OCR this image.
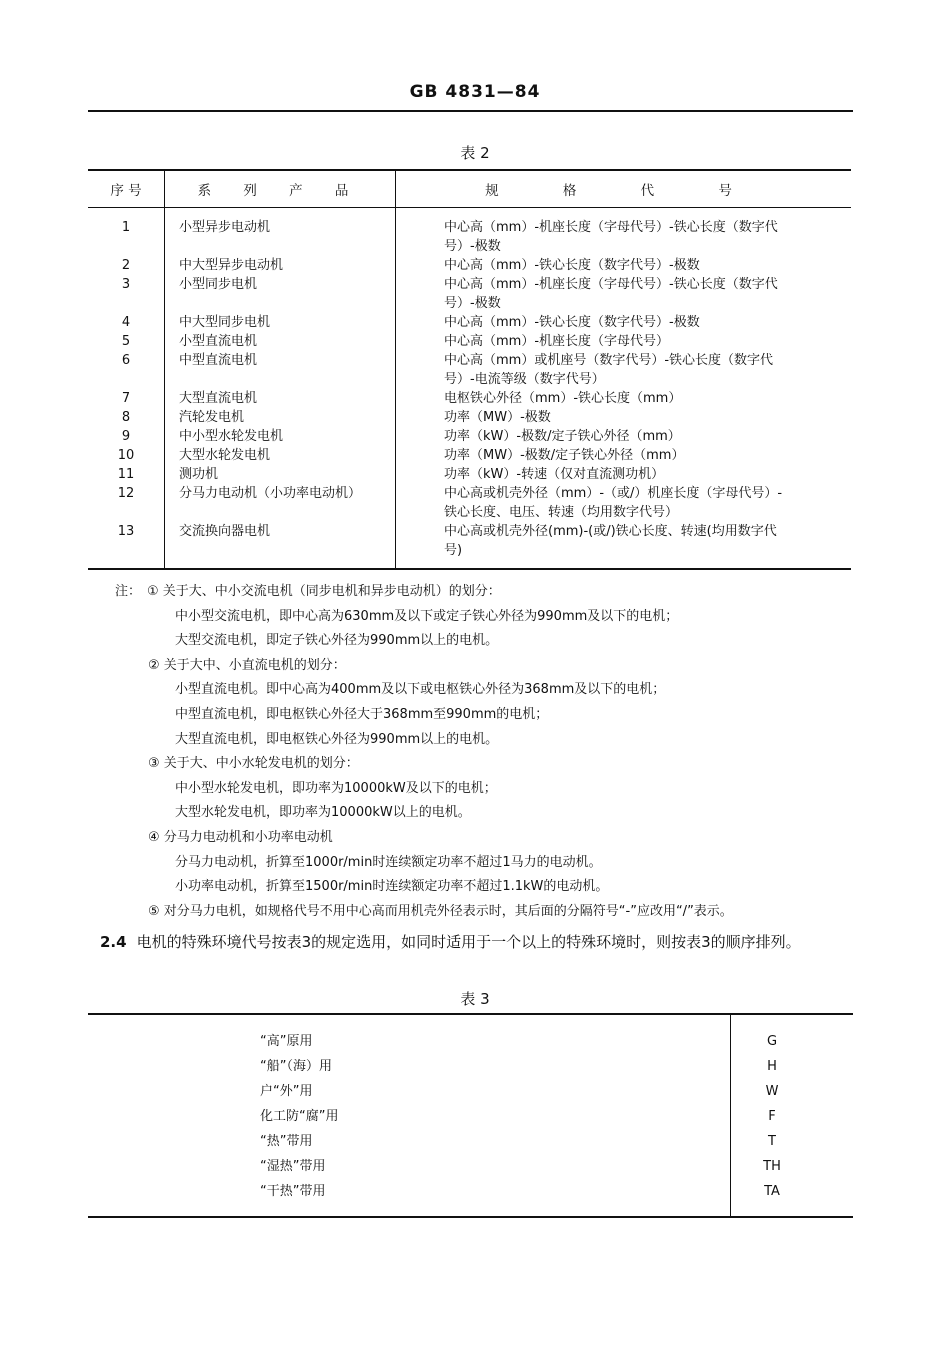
GB 4831—84
表 2
序 号	系 列 产 品	规 格 代 号
1	小型异步电动机	中心高（mm）-机座长度（字母代号）-铁心长度（数字代号）-极数
2	中大型异步电动机	中心高（mm）-铁心长度（数字代号）-极数
3	小型同步电机	中心高（mm）-机座长度（字母代号）-铁心长度（数字代号）-极数
4	中大型同步电机	中心高（mm）-铁心长度（数字代号）-极数
5	小型直流电机	中心高（mm）-机座长度（字母代号）
6	中型直流电机	中心高（mm）或机座号（数字代号）-铁心长度（数字代号）-电流等级（数字代号）
7	大型直流电机	电枢铁心外径（mm）-铁心长度（mm）
8	汽轮发电机	功率（MW）-极数
9	中小型水轮发电机	功率（kW）-极数/定子铁心外径（mm）
10	大型水轮发电机	功率（MW）-极数/定子铁心外径（mm）
11	测功机	功率（kW）-转速（仅对直流测功机）
12	分马力电动机（小功率电动机）	中心高或机壳外径（mm）-（或/）机座长度（字母代号）-铁心长度、电压、转速（均用数字代号）
13	交流换向器电机	中心高或机壳外径(mm)-(或/)铁心长度、转速(均用数字代号)
注： ① 关于大、中小交流电机（同步电机和异步电动机）的划分：
中小型交流电机，即中心高为630mm及以下或定子铁心外径为990mm及以下的电机；
大型交流电机，即定子铁心外径为990mm以上的电机。
② 关于大中、小直流电机的划分：
小型直流电机。即中心高为400mm及以下或电枢铁心外径为368mm及以下的电机；
中型直流电机，即电枢铁心外径大于368mm至990mm的电机；
大型直流电机，即电枢铁心外径为990mm以上的电机。
③ 关于大、中小水轮发电机的划分：
中小型水轮发电机，即功率为10000kW及以下的电机；
大型水轮发电机，即功率为10000kW以上的电机。
④ 分马力电动机和小功率电动机
分马力电动机，折算至1000r/min时连续额定功率不超过1马力的电动机。
小功率电动机，折算至1500r/min时连续额定功率不超过1.1kW的电动机。
⑤ 对分马力电机，如规格代号不用中心高而用机壳外径表示时，其后面的分隔符号“-”应改用“/”表示。
2.4 电机的特殊环境代号按表3的规定选用，如同时适用于一个以上的特殊环境时，则按表3的顺序排列。
表 3
“高”原用	G
“船”（海）用	H
户“外”用	W
化工防“腐”用	F
“热”带用	T
“湿热”带用	TH
“干热”带用	TA
